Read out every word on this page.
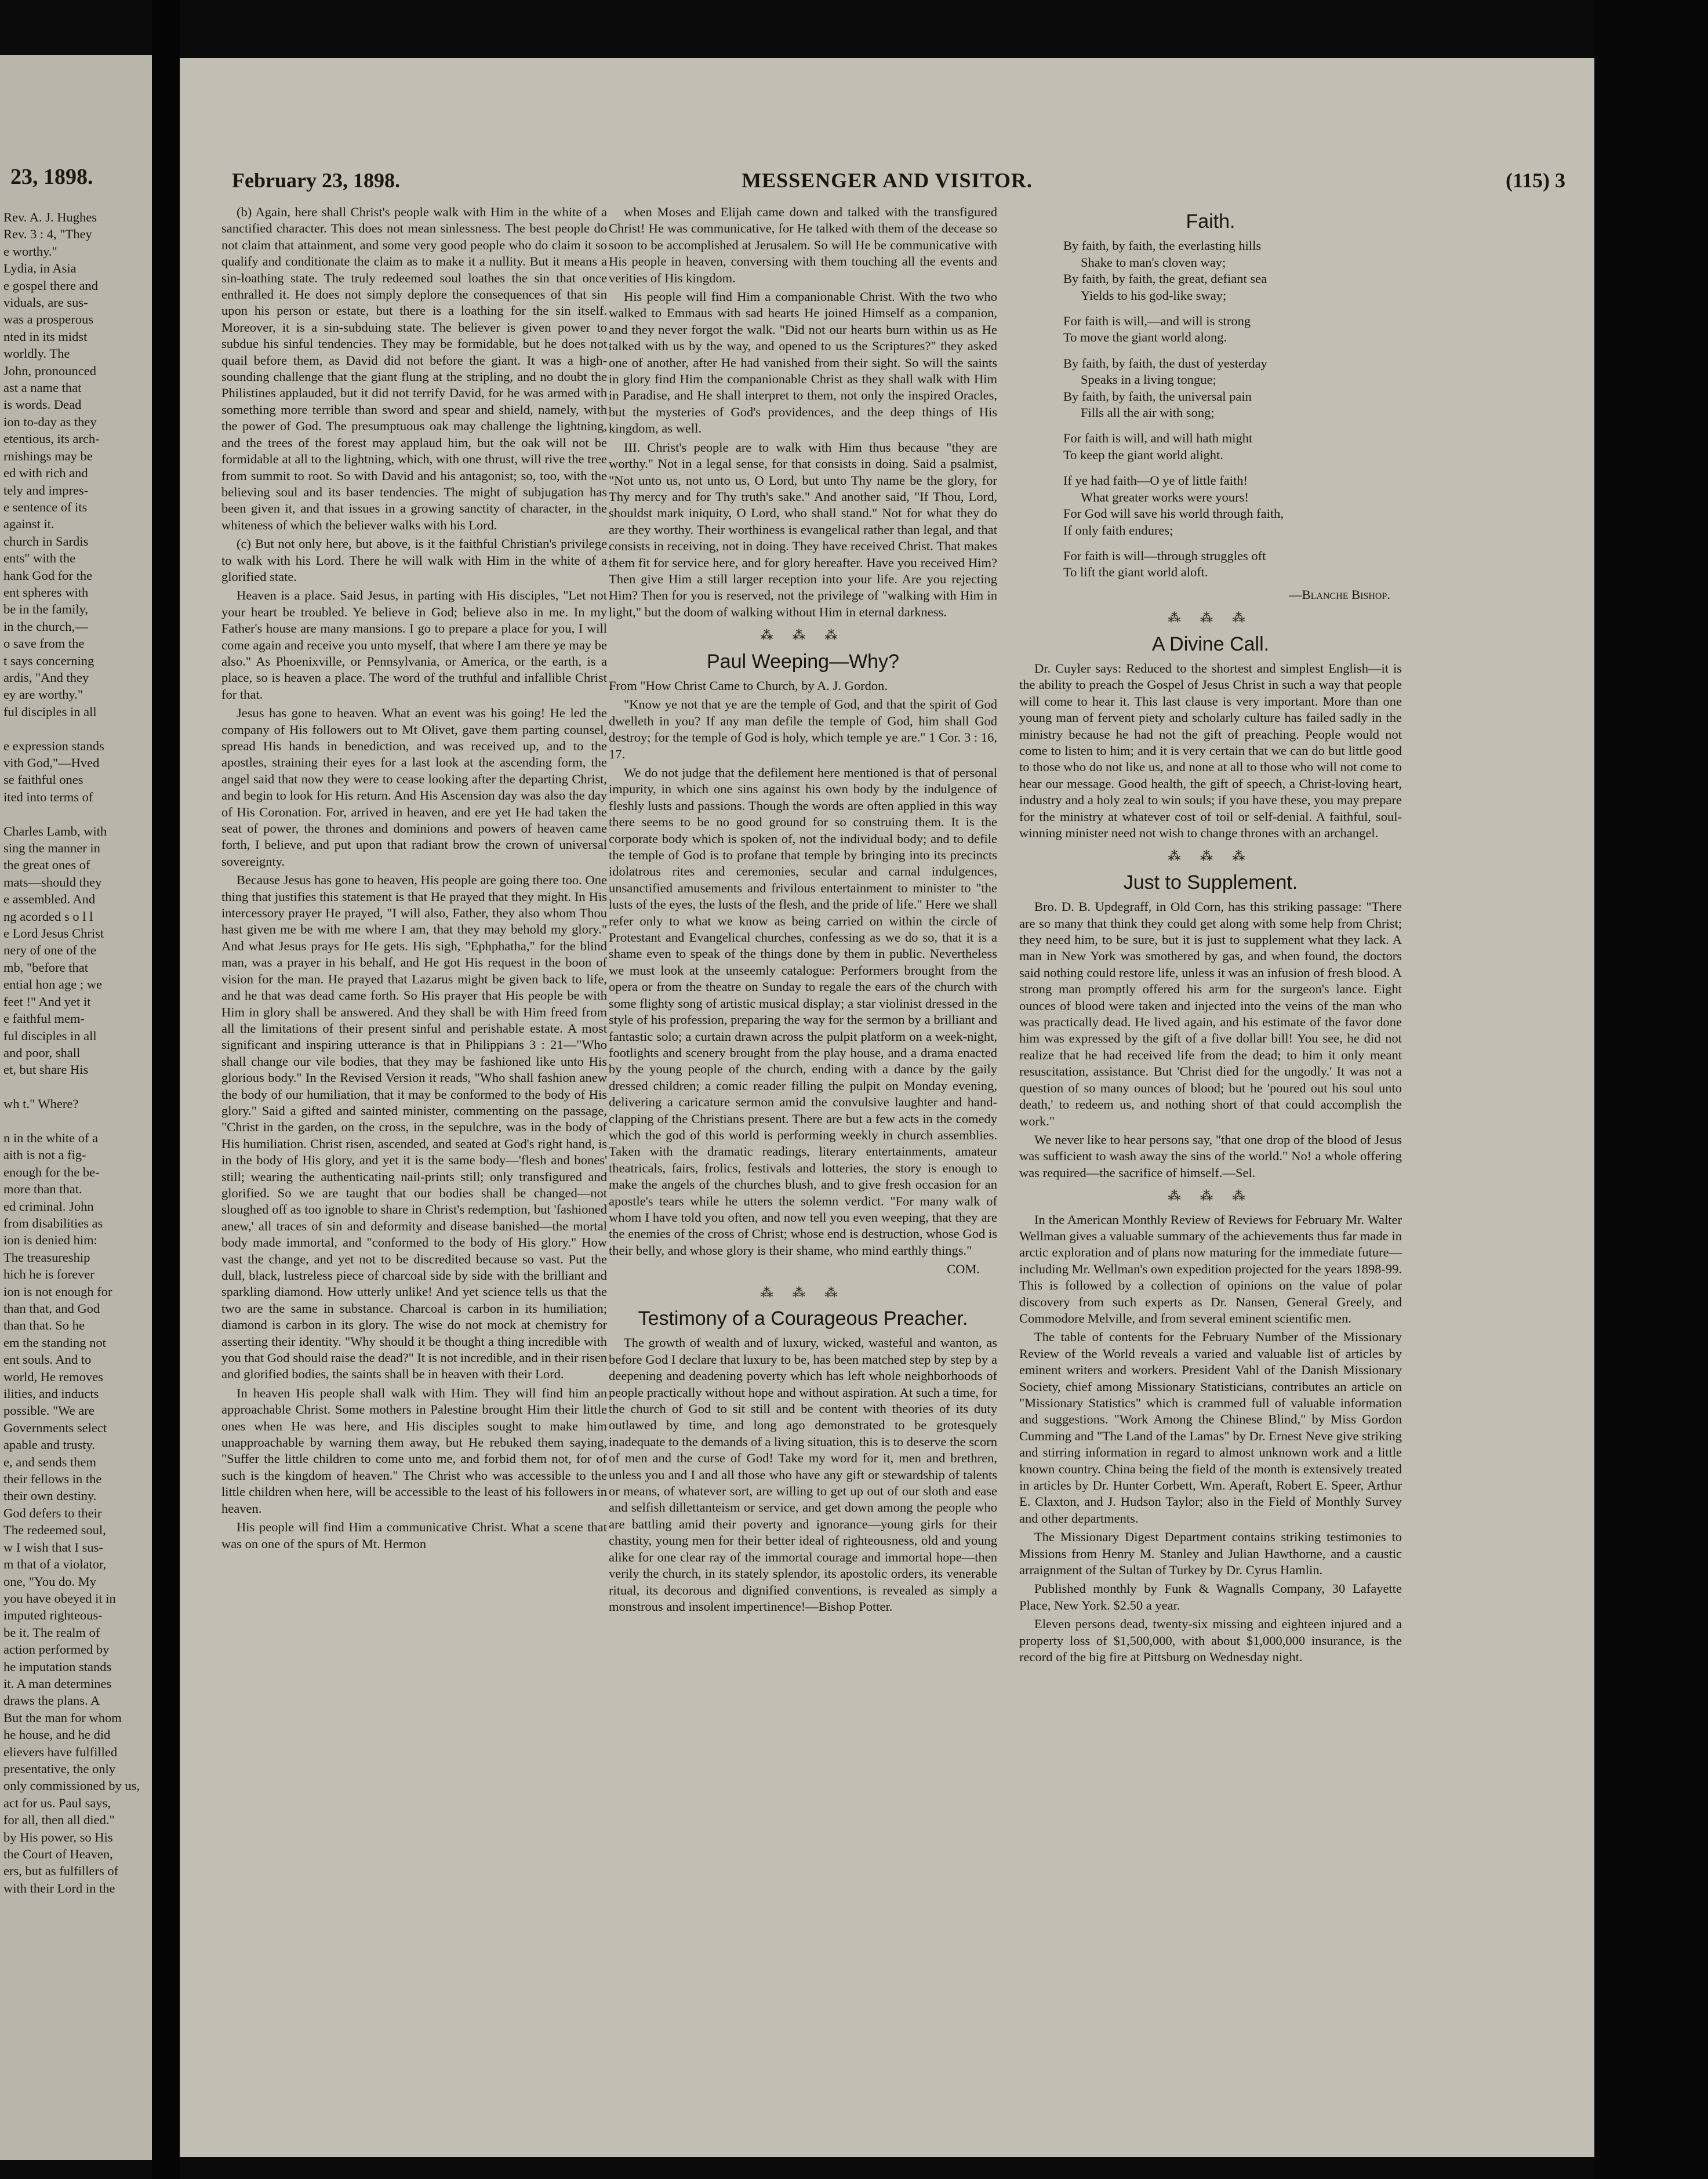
23, 1898.
Rev. A. J. Hughes
Rev. 3 : 4, "They
e worthy."
Lydia, in Asia
e gospel there and
viduals, are sus-
was a prosperous
nted in its midst
worldly. The
John, pronounced
ast a name that
is words. Dead
ion to-day as they
etentious, its arch-
rnishings may be
ed with rich and
tely and impres-
e sentence of its
against it.
church in Sardis
ents" with the
hank God for the
ent spheres with
be in the family,
in the church,—
o save from the
t says concerning
ardis, "And they
ey are worthy."
ful disciples in all

e expression stands
vith God,"—Hved
se faithful ones
ited into terms of

Charles Lamb, with
sing the manner in
the great ones of
mats—should they
e assembled. And
ng acorded s o l l
e Lord Jesus Christ
nery of one of the
mb, "before that
ential hon age ; we
feet !" And yet it
e faithful mem-
ful disciples in all
and poor, shall
et, but share His

wh t." Where?

n in the white of a
aith is not a fig-
enough for the be-
more than that.
ed criminal. John
from disabilities as
ion is denied him:
The treasureship
hich he is forever
ion is not enough for
than that, and God
than that. So he
em the standing not
ent souls. And to
world, He removes
ilities, and inducts
possible. "We are
Governments select
apable and trusty.
e, and sends them
their fellows in the
their own destiny.
God defers to their
The redeemed soul,
w I wish that I sus-
m that of a violator,
one, "You do. My
you have obeyed it in
imputed righteous-
be it. The realm of
action performed by
he imputation stands
it. A man determines
draws the plans. A
But the man for whom
he house, and he did
elievers have fulfilled
presentative, the only
only commissioned by us,
act for us. Paul says,
for all, then all died."
by His power, so His
the Court of Heaven,
ers, but as fulfillers of
with their Lord in the
February 23, 1898.	MESSENGER AND VISITOR.	(115) 3

(b) Again, here shall Christ's people walk with Him in the white of a sanctified character. This does not mean sinlessness. The best people do not claim that attainment, and some very good people who do claim it so qualify and conditionate the claim as to make it a nullity. But it means a sin-loathing state. The truly redeemed soul loathes the sin that once enthralled it. He does not simply deplore the consequences of that sin upon his person or estate, but there is a loathing for the sin itself. Moreover, it is a sin-subduing state. The believer is given power to subdue his sinful tendencies. They may be formidable, but he does not quail before them, as David did not before the giant. It was a high-sounding challenge that the giant flung at the stripling, and no doubt the Philistines applauded, but it did not terrify David, for he was armed with something more terrible than sword and spear and shield, namely, with the power of God. The presumptuous oak may challenge the lightning, and the trees of the forest may applaud him, but the oak will not be formidable at all to the lightning, which, with one thrust, will rive the tree from summit to root. So with David and his antagonist; so, too, with the believing soul and its baser tendencies. The might of subjugation has been given it, and that issues in a growing sanctity of character, in the whiteness of which the believer walks with his Lord.

(c) But not only here, but above, is it the faithful Christian's privilege to walk with his Lord. There he will walk with Him in the white of a glorified state.

Heaven is a place. Said Jesus, in parting with His disciples, "Let not your heart be troubled. Ye believe in God; believe also in me. In my Father's house are many mansions. I go to prepare a place for you, I will come again and receive you unto myself, that where I am there ye may be also." As Phoenixville, or Pennsylvania, or America, or the earth, is a place, so is heaven a place. The word of the truthful and infallible Christ for that.

Jesus has gone to heaven. What an event was his going! He led the company of His followers out to Mt Olivet, gave them parting counsel, spread His hands in benediction, and was received up, and to the apostles, straining their eyes for a last look at the ascending form, the angel said that now they were to cease looking after the departing Christ, and begin to look for His return. And His Ascension day was also the day of His Coronation. For, arrived in heaven, and ere yet He had taken the seat of power, the thrones and dominions and powers of heaven came forth, I believe, and put upon that radiant brow the crown of universal sovereignty.

Because Jesus has gone to heaven, His people are going there too. One thing that justifies this statement is that He prayed that they might. In His intercessory prayer He prayed, "I will also, Father, they also whom Thou hast given me be with me where I am, that they may behold my glory." And what Jesus prays for He gets. His sigh, "Ephphatha," for the blind man, was a prayer in his behalf, and He got His request in the boon of vision for the man. He prayed that Lazarus might be given back to life, and he that was dead came forth. So His prayer that His people be with Him in glory shall be answered. And they shall be with Him freed from all the limitations of their present sinful and perishable estate. A most significant and inspiring utterance is that in Philippians 3 : 21—"Who shall change our vile bodies, that they may be fashioned like unto His glorious body." In the Revised Version it reads, "Who shall fashion anew the body of our humiliation, that it may be conformed to the body of His glory." Said a gifted and sainted minister, commenting on the passage, "Christ in the garden, on the cross, in the sepulchre, was in the body of His humiliation. Christ risen, ascended, and seated at God's right hand, is in the body of His glory, and yet it is the same body—'flesh and bones' still; wearing the authenticating nail-prints still; only transfigured and glorified. So we are taught that our bodies shall be changed—not sloughed off as too ignoble to share in Christ's redemption, but 'fashioned anew,' all traces of sin and deformity and disease banished—the mortal body made immortal, and "conformed to the body of His glory." How vast the change, and yet not to be discredited because so vast. Put the dull, black, lustreless piece of charcoal side by side with the brilliant and sparkling diamond. How utterly unlike! And yet science tells us that the two are the same in substance. Charcoal is carbon in its humiliation; diamond is carbon in its glory. The wise do not mock at chemistry for asserting their identity. "Why should it be thought a thing incredible with you that God should raise the dead?" It is not incredible, and in their risen and glorified bodies, the saints shall be in heaven with their Lord.

In heaven His people shall walk with Him. They will find him an approachable Christ. Some mothers in Palestine brought Him their little ones when He was here, and His disciples sought to make him unapproachable by warning them away, but He rebuked them saying, "Suffer the little children to come unto me, and forbid them not, for of such is the kingdom of heaven." The Christ who was accessible to the little children when here, will be accessible to the least of his followers in heaven.

His people will find Him a communicative Christ. What a scene that was on one of the spurs of Mt. Hermon

when Moses and Elijah came down and talked with the transfigured Christ! He was communicative, for He talked with them of the decease so soon to be accomplished at Jerusalem. So will He be communicative with His people in heaven, conversing with them touching all the events and verities of His kingdom.

His people will find Him a companionable Christ. With the two who walked to Emmaus with sad hearts He joined Himself as a companion, and they never forgot the walk. "Did not our hearts burn within us as He talked with us by the way, and opened to us the Scriptures?" they asked one of another, after He had vanished from their sight. So will the saints in glory find Him the companionable Christ as they shall walk with Him in Paradise, and He shall interpret to them, not only the inspired Oracles, but the mysteries of God's providences, and the deep things of His kingdom, as well.

III. Christ's people are to walk with Him thus because "they are worthy." Not in a legal sense, for that consists in doing. Said a psalmist, "Not unto us, not unto us, O Lord, but unto Thy name be the glory, for Thy mercy and for Thy truth's sake." And another said, "If Thou, Lord, shouldst mark iniquity, O Lord, who shall stand." Not for what they do are they worthy. Their worthiness is evangelical rather than legal, and that consists in receiving, not in doing. They have received Christ. That makes them fit for service here, and for glory hereafter. Have you received Him? Then give Him a still larger reception into your life. Are you rejecting Him? Then for you is reserved, not the privilege of "walking with Him in light," but the doom of walking without Him in eternal darkness.

⁂ ⁂ ⁂
Paul Weeping—Why?

From "How Christ Came to Church, by A. J. Gordon.

"Know ye not that ye are the temple of God, and that the spirit of God dwelleth in you? If any man defile the temple of God, him shall God destroy; for the temple of God is holy, which temple ye are." 1 Cor. 3 : 16, 17.

We do not judge that the defilement here mentioned is that of personal impurity, in which one sins against his own body by the indulgence of fleshly lusts and passions. Though the words are often applied in this way there seems to be no good ground for so construing them. It is the corporate body which is spoken of, not the individual body; and to defile the temple of God is to profane that temple by bringing into its precincts idolatrous rites and ceremonies, secular and carnal indulgences, unsanctified amusements and frivilous entertainment to minister to "the lusts of the eyes, the lusts of the flesh, and the pride of life." Here we shall refer only to what we know as being carried on within the circle of Protestant and Evangelical churches, confessing as we do so, that it is a shame even to speak of the things done by them in public. Nevertheless we must look at the unseemly catalogue: Performers brought from the opera or from the theatre on Sunday to regale the ears of the church with some flighty song of artistic musical display; a star violinist dressed in the style of his profession, preparing the way for the sermon by a brilliant and fantastic solo; a curtain drawn across the pulpit platform on a week-night, footlights and scenery brought from the play house, and a drama enacted by the young people of the church, ending with a dance by the gaily dressed children; a comic reader filling the pulpit on Monday evening, delivering a caricature sermon amid the convulsive laughter and hand-clapping of the Christians present. There are but a few acts in the comedy which the god of this world is performing weekly in church assemblies. Taken with the dramatic readings, literary entertainments, amateur theatricals, fairs, frolics, festivals and lotteries, the story is enough to make the angels of the churches blush, and to give fresh occasion for an apostle's tears while he utters the solemn verdict. "For many walk of whom I have told you often, and now tell you even weeping, that they are the enemies of the cross of Christ; whose end is destruction, whose God is their belly, and whose glory is their shame, who mind earthly things."

COM.
⁂ ⁂ ⁂
Testimony of a Courageous Preacher.

The growth of wealth and of luxury, wicked, wasteful and wanton, as before God I declare that luxury to be, has been matched step by step by a deepening and deadening poverty which has left whole neighborhoods of people practically without hope and without aspiration. At such a time, for the church of God to sit still and be content with theories of its duty outlawed by time, and long ago demonstrated to be grotesquely inadequate to the demands of a living situation, this is to deserve the scorn of men and the curse of God! Take my word for it, men and brethren, unless you and I and all those who have any gift or stewardship of talents or means, of whatever sort, are willing to get up out of our sloth and ease and selfish dillettanteism or service, and get down among the people who are battling amid their poverty and ignorance—young girls for their chastity, young men for their better ideal of righteousness, old and young alike for one clear ray of the immortal courage and immortal hope—then verily the church, in its stately splendor, its apostolic orders, its venerable ritual, its decorous and dignified conventions, is revealed as simply a monstrous and insolent impertinence!—Bishop Potter.

Faith.
By faith, by faith, the everlasting hills
Shake to man's cloven way;
By faith, by faith, the great, defiant sea
Yields to his god-like sway;
For faith is will,—and will is strong
To move the giant world along.
By faith, by faith, the dust of yesterday
Speaks in a living tongue;
By faith, by faith, the universal pain
Fills all the air with song;
For faith is will, and will hath might
To keep the giant world alight.
If ye had faith—O ye of little faith!
What greater works were yours!
For God will save his world through faith,
If only faith endures;
For faith is will—through struggles oft
To lift the giant world aloft.
—Blanche Bishop.
⁂ ⁂ ⁂
A Divine Call.

Dr. Cuyler says: Reduced to the shortest and simplest English—it is the ability to preach the Gospel of Jesus Christ in such a way that people will come to hear it. This last clause is very important. More than one young man of fervent piety and scholarly culture has failed sadly in the ministry because he had not the gift of preaching. People would not come to listen to him; and it is very certain that we can do but little good to those who do not like us, and none at all to those who will not come to hear our message. Good health, the gift of speech, a Christ-loving heart, industry and a holy zeal to win souls; if you have these, you may prepare for the ministry at whatever cost of toil or self-denial. A faithful, soul-winning minister need not wish to change thrones with an archangel.

⁂ ⁂ ⁂
Just to Supplement.

Bro. D. B. Updegraff, in Old Corn, has this striking passage: "There are so many that think they could get along with some help from Christ; they need him, to be sure, but it is just to supplement what they lack. A man in New York was smothered by gas, and when found, the doctors said nothing could restore life, unless it was an infusion of fresh blood. A strong man promptly offered his arm for the surgeon's lance. Eight ounces of blood were taken and injected into the veins of the man who was practically dead. He lived again, and his estimate of the favor done him was expressed by the gift of a five dollar bill! You see, he did not realize that he had received life from the dead; to him it only meant resuscitation, assistance. But 'Christ died for the ungodly.' It was not a question of so many ounces of blood; but he 'poured out his soul unto death,' to redeem us, and nothing short of that could accomplish the work."

We never like to hear persons say, "that one drop of the blood of Jesus was sufficient to wash away the sins of the world." No! a whole offering was required—the sacrifice of himself.—Sel.

⁂ ⁂ ⁂

In the American Monthly Review of Reviews for February Mr. Walter Wellman gives a valuable summary of the achievements thus far made in arctic exploration and of plans now maturing for the immediate future—including Mr. Wellman's own expedition projected for the years 1898-99. This is followed by a collection of opinions on the value of polar discovery from such experts as Dr. Nansen, General Greely, and Commodore Melville, and from several eminent scientific men.

The table of contents for the February Number of the Missionary Review of the World reveals a varied and valuable list of articles by eminent writers and workers. President Vahl of the Danish Missionary Society, chief among Missionary Statisticians, contributes an article on "Missionary Statistics" which is crammed full of valuable information and suggestions. "Work Among the Chinese Blind," by Miss Gordon Cumming and "The Land of the Lamas" by Dr. Ernest Neve give striking and stirring information in regard to almost unknown work and a little known country. China being the field of the month is extensively treated in articles by Dr. Hunter Corbett, Wm. Aperaft, Robert E. Speer, Arthur E. Claxton, and J. Hudson Taylor; also in the Field of Monthly Survey and other departments.

The Missionary Digest Department contains striking testimonies to Missions from Henry M. Stanley and Julian Hawthorne, and a caustic arraignment of the Sultan of Turkey by Dr. Cyrus Hamlin.

Published monthly by Funk & Wagnalls Company, 30 Lafayette Place, New York. $2.50 a year.

Eleven persons dead, twenty-six missing and eighteen injured and a property loss of $1,500,000, with about $1,000,000 insurance, is the record of the big fire at Pittsburg on Wednesday night.
